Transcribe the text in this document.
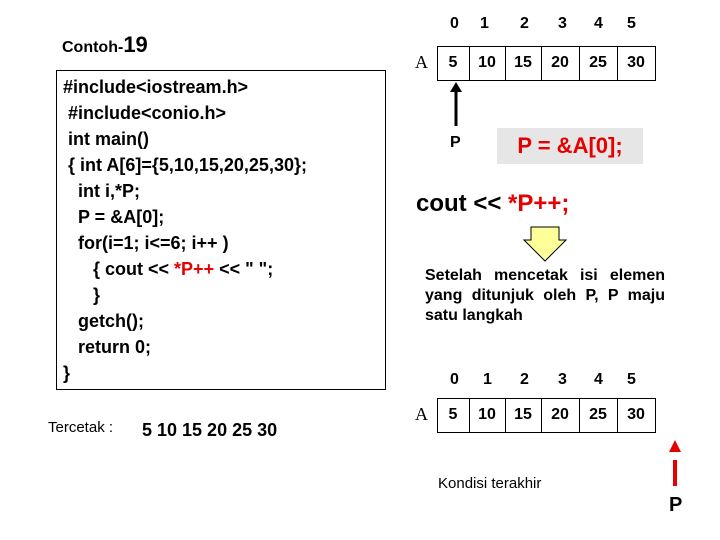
Contoh-19
#include<iostream.h>
#include<conio.h>
int main()
{ int A[6]={5,10,15,20,25,30};
int i,*P;
P = &A[0];
for(i=1; i<=6; i++ )
{ cout << *P++ << " ";
}
getch();
return 0;
}
Tercetak : 5 10 15 20 25 30
0 1 2 3 4 5
A	5	10	15	20	25	30
P	P = &A[0];
cout << *P++;
Setelah mencetak isi elemen yang ditunjuk oleh P, P maju satu langkah
0 1 2 3 4 5
A	5	10	15	20	25	30
Kondisi terakhir
P
